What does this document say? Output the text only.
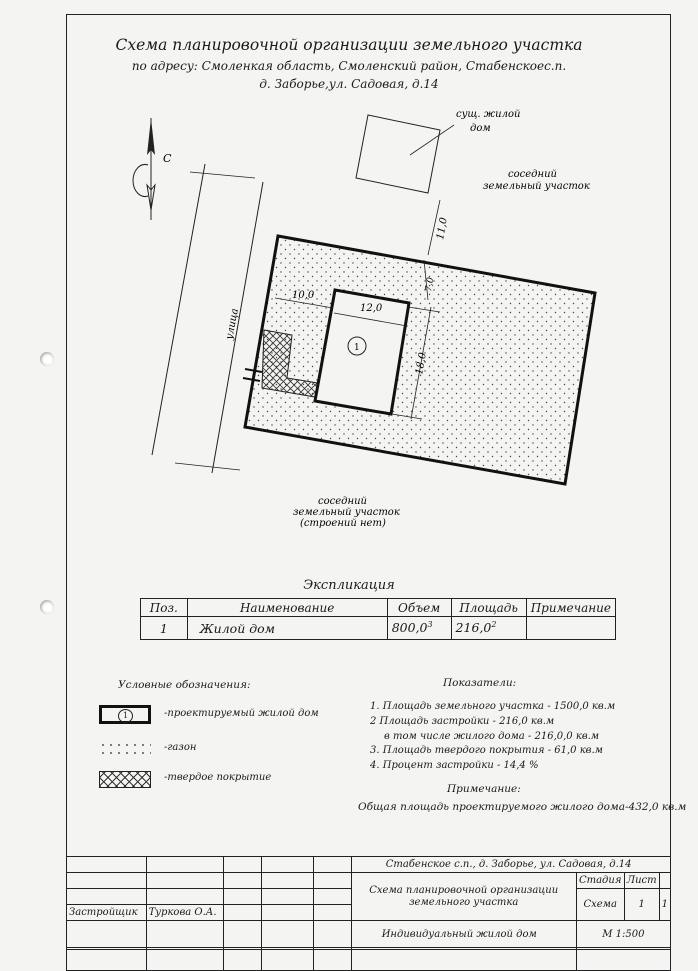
Схема планировочной организации земельного участка
по адресу: Смоленкая область, Смоленский район, Стабенскоес.п.
д. Заборье,ул. Садовая, д.14
С
улица
сущ. жилой
дом
соседний
земельный участок
1
10,0
12,0
18,0
7,0
11,0
соседний
земельный участок
(строений нет)
Экспликация
Поз.	Наименование	Объем	Площадь	Примечание
1	Жилой дом	800,0$^3$	216,0$^2$	
Условные обозначения:
1	-проектируемый жилой дом
-газон
-твердое покрытие
Показатели:
1. Площадь земельного участка - 1500,0 кв.м
2 Площадь застройки - 216,0 кв.м
в том числе жилого дома - 216,0,0 кв.м
3. Площадь твердого покрытия - 61,0 кв.м
4. Процент застройки - 14,4 %
Примечание:
Общая площадь проектируемого жилого дома-432,0 кв.м
					Стабенское с.п., д. Заборье, ул. Садовая, д.14			
					Схема планировочной организации
земельного участка	Стадия	Лист	
						Схема	1	1
Застройщик	Туркова О.А.							
					Индивидуальный жилой дом	М 1:500		
